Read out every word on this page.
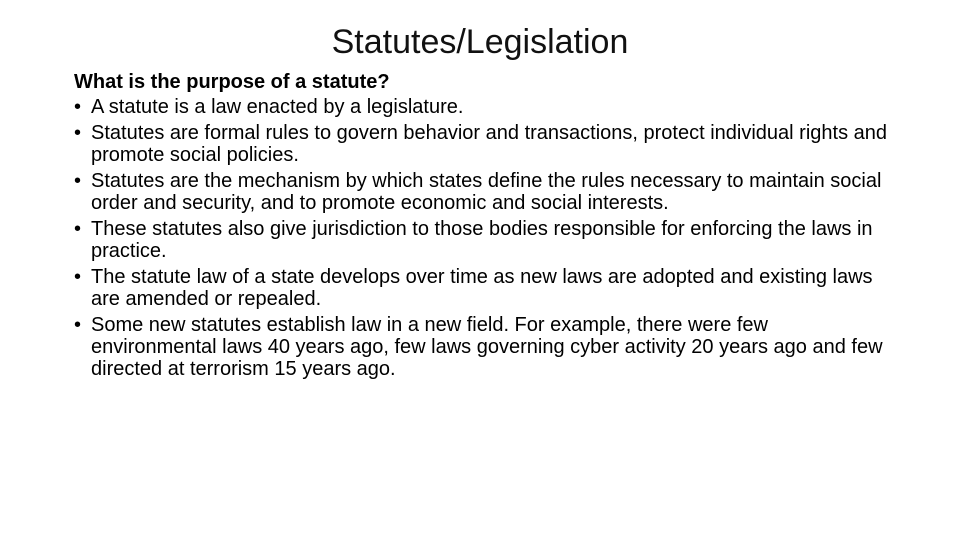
Statutes/Legislation

What is the purpose of a statute?

• A statute is a law enacted by a legislature.
• Statutes are formal rules to govern behavior and transactions, protect individual rights and promote social policies.
• Statutes are the mechanism by which states define the rules necessary to maintain social order and security, and to promote economic and social interests.
• These statutes also give jurisdiction to those bodies responsible for enforcing the laws in practice.
• The statute law of a state develops over time as new laws are adopted and existing laws are amended or repealed.
• Some new statutes establish law in a new field. For example, there were few environmental laws 40 years ago, few laws governing cyber activity 20 years ago and few directed at terrorism 15 years ago.
